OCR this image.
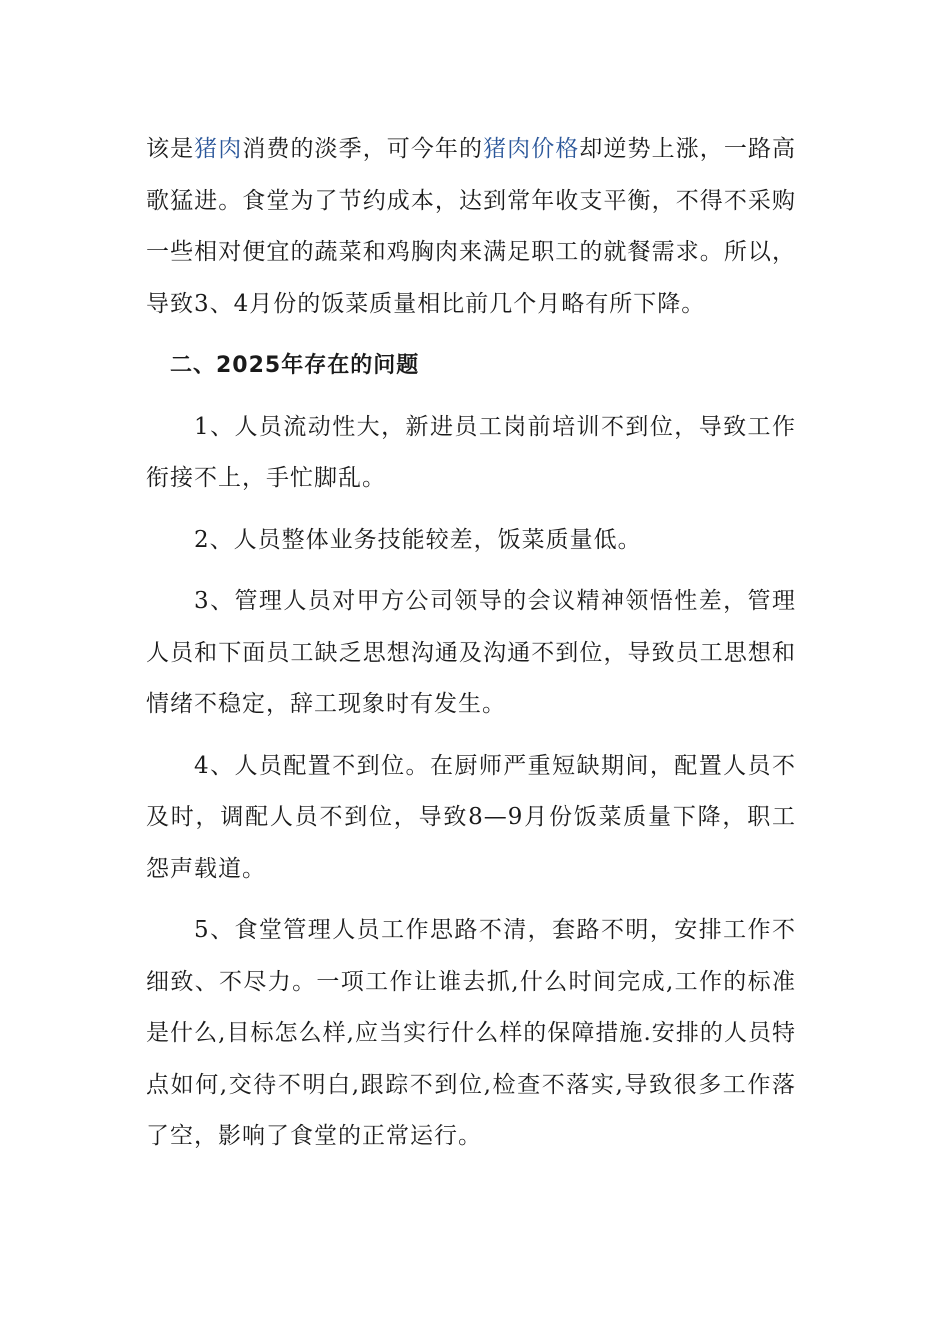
该是猪肉消费的淡季，可今年的猪肉价格却逆势上涨，一路高歌猛进。食堂为了节约成本，达到常年收支平衡，不得不采购一些相对便宜的蔬菜和鸡胸肉来满足职工的就餐需求。所以，导致3、4月份的饭菜质量相比前几个月略有所下降。

二、2025年存在的问题

1、人员流动性大，新进员工岗前培训不到位，导致工作衔接不上，手忙脚乱。

2、人员整体业务技能较差，饭菜质量低。

3、管理人员对甲方公司领导的会议精神领悟性差，管理人员和下面员工缺乏思想沟通及沟通不到位，导致员工思想和情绪不稳定，辞工现象时有发生。

4、人员配置不到位。在厨师严重短缺期间，配置人员不及时，调配人员不到位，导致8—9月份饭菜质量下降，职工怨声载道。

5、食堂管理人员工作思路不清，套路不明，安排工作不细致、不尽力。一项工作让谁去抓,什么时间完成,工作的标准是什么,目标怎么样,应当实行什么样的保障措施.安排的人员特点如何,交待不明白,跟踪不到位,检查不落实,导致很多工作落了空，影响了食堂的正常运行。
